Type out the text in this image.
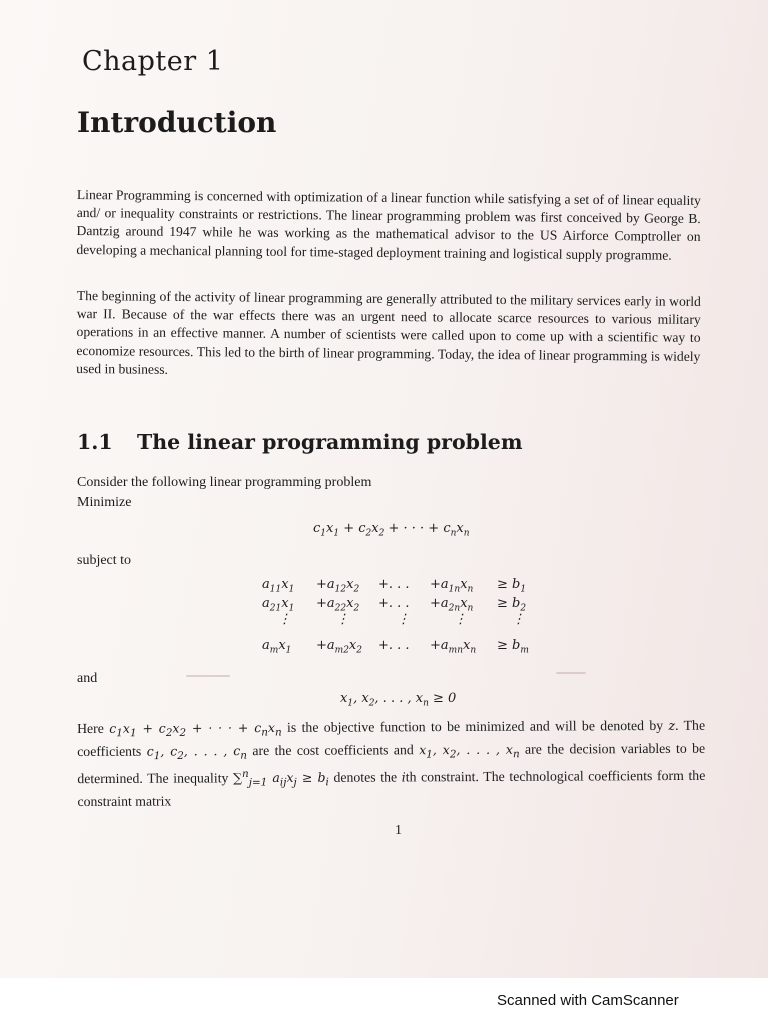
Chapter 1
Introduction

Linear Programming is concerned with optimization of a linear function while satisfying a set of of linear equality and/ or inequality constraints or restrictions. The linear programming problem was first conceived by George B. Dantzig around 1947 while he was working as the mathematical advisor to the US Airforce Comptroller on developing a mechanical planning tool for time-staged deployment training and logistical supply programme.

The beginning of the activity of linear programming are generally attributed to the military services early in world war II. Because of the war effects there was an urgent need to allocate scarce resources to various military operations in an effective manner. A number of scientists were called upon to come up with a scientific way to economize resources. This led to the birth of linear programming. Today, the idea of linear programming is widely used in business.

1.1 The linear programming problem

Consider the following linear programming problem

Minimize

$c_1x_1 + c_2x_2$ + · · · + $c_nx_n$

subject to

$a_{11}x_1 +a_{12}x_2$ +. . . $+a_{1n}x_n \ge b_1$
$a_{21}x_1 +a_{22}x_2$ +. . . $+a_{2n}x_n \ge b_2$
⋮	⋮	⋮	⋮	⋮
$a_mx_1 +a_{m2}x_2$ +. . . $+a_{mn}x_n \ge b_m$

and

$x_1$, $x_2$, . . . , $x_n \ge 0$

Here $c_1x_1 + c_2x_2$ + · · · + $c_nx_n$ is the objective function to be minimized and will be denoted by z. The coefficients $c_1$, $c_2$, . . . , $c_n$ are the cost coefficients and $x_1$, $x_2$, . . . , $x_n$ are the decision variables to be determined. The inequality ∑$^n_{j=1}$ $a_{ij}x_j \ge b_i$ denotes the ith constraint. The technological coefficients form the constraint matrix

1

Scanned with CamScanner
